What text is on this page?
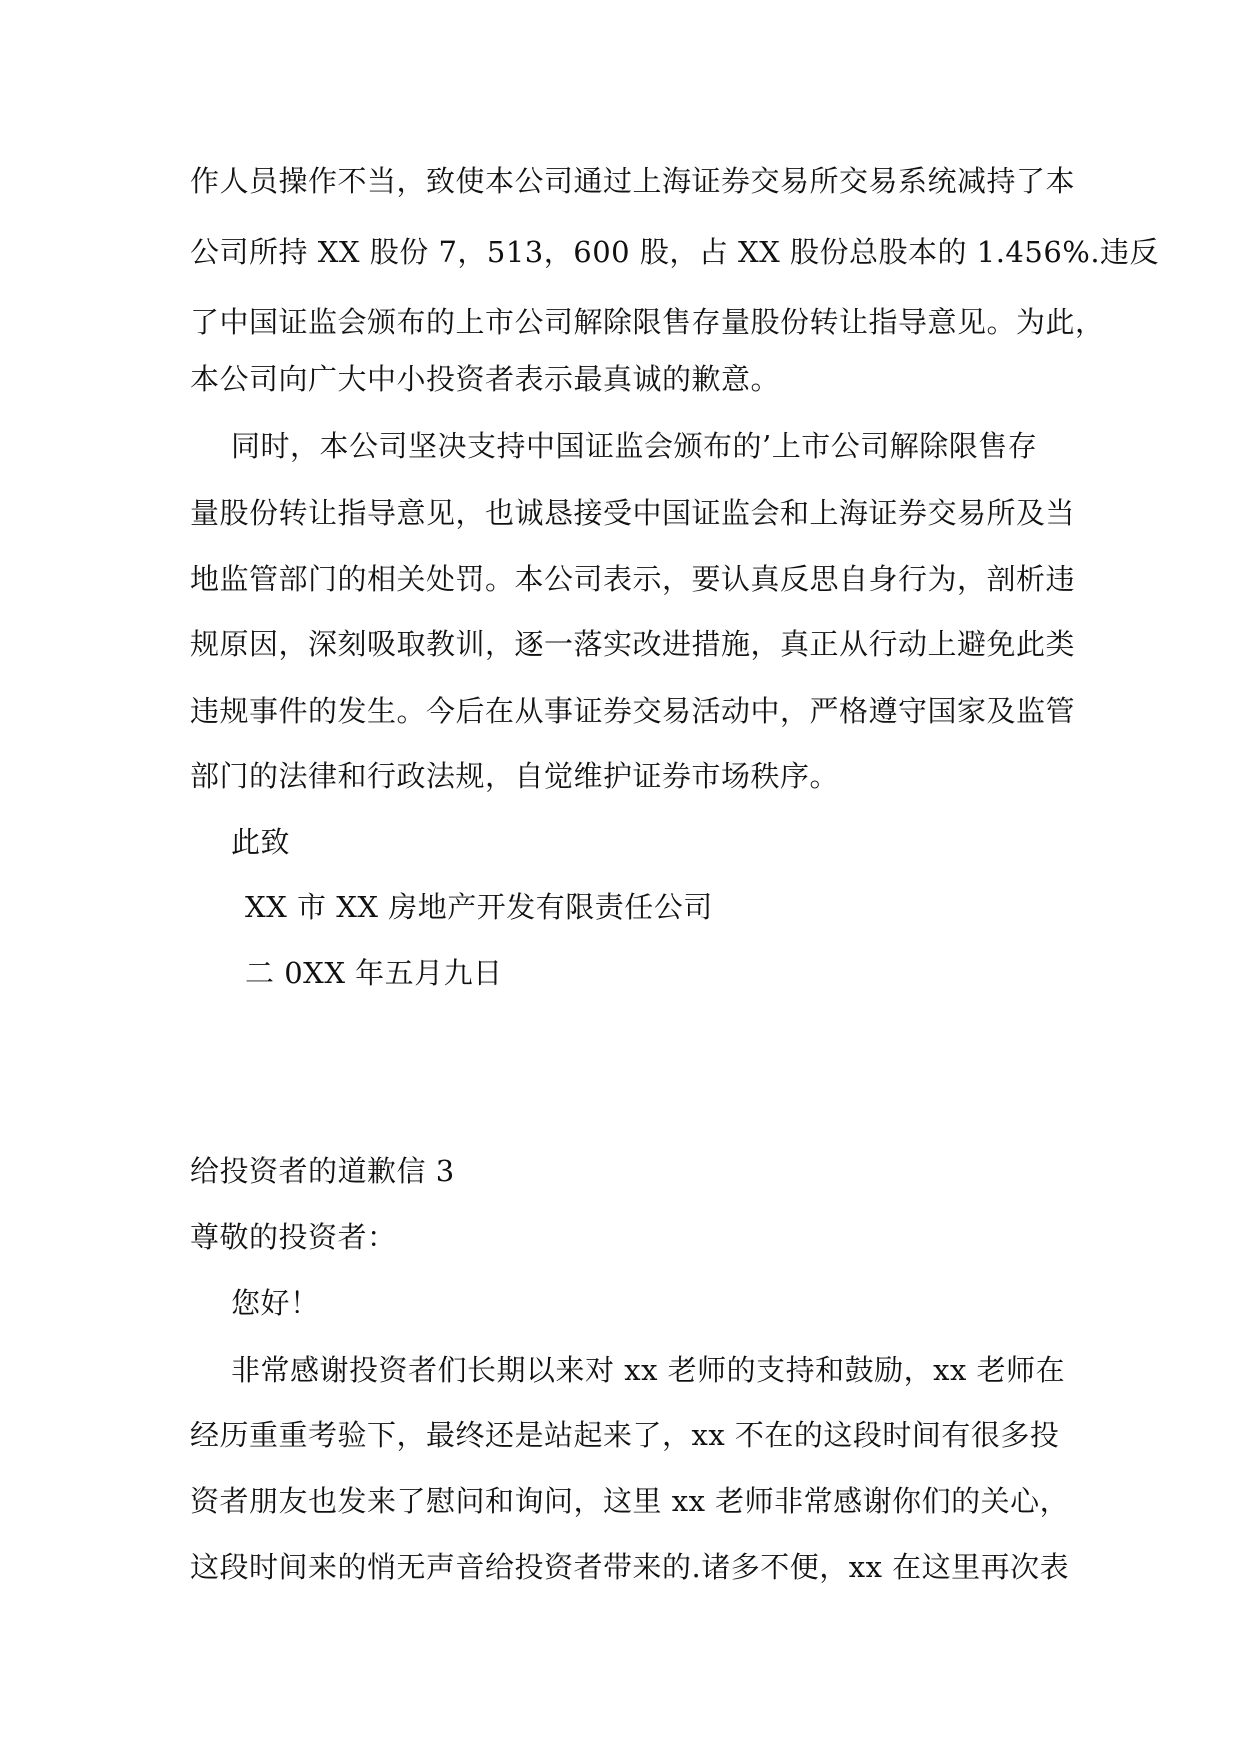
作人员操作不当，致使本公司通过上海证券交易所交易系统减持了本
公司所持 XX 股份 7，513，600 股，占 XX 股份总股本的 1.456%.违反
了中国证监会颁布的上市公司解除限售存量股份转让指导意见。为此，
本公司向广大中小投资者表示最真诚的歉意。
同时，本公司坚决支持中国证监会颁布的’上市公司解除限售存
量股份转让指导意见，也诚恳接受中国证监会和上海证券交易所及当
地监管部门的相关处罚。本公司表示，要认真反思自身行为，剖析违
规原因，深刻吸取教训，逐一落实改进措施，真正从行动上避免此类
违规事件的发生。今后在从事证券交易活动中，严格遵守国家及监管
部门的法律和行政法规，自觉维护证券市场秩序。
此致
XX 市 XX 房地产开发有限责任公司
二 0XX 年五月九日
给投资者的道歉信 3
尊敬的投资者：
您好！
非常感谢投资者们长期以来对 xx 老师的支持和鼓励，xx 老师在
经历重重考验下，最终还是站起来了，xx 不在的这段时间有很多投
资者朋友也发来了慰问和询问，这里 xx 老师非常感谢你们的关心，
这段时间来的悄无声音给投资者带来的.诸多不便，xx 在这里再次表
